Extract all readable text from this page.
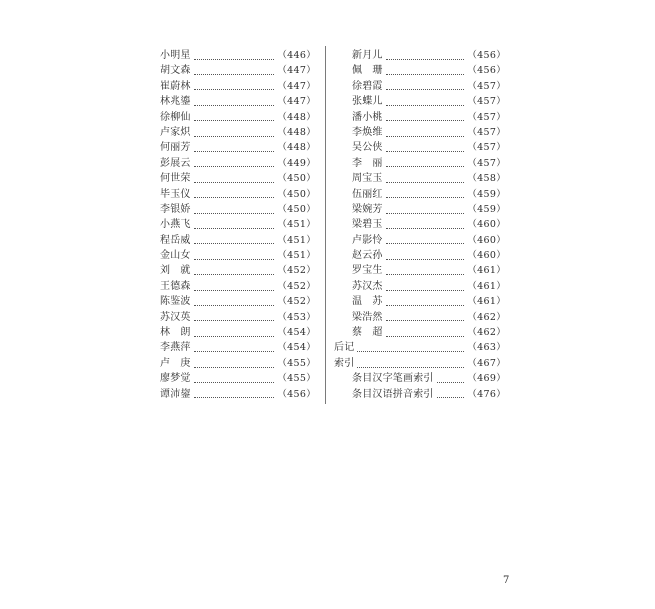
小明星	（446）
胡文森	（447）
崔蔚林	（447）
林兆鎏	（447）
徐柳仙	（448）
卢家炽	（448）
何丽芳	（448）
彭展云	（449）
何世荣	（450）
毕玉仪	（450）
李银娇	（450）
小燕飞	（451）
程岳威	（451）
金山女	（451）
刘　就	（452）
王德森	（452）
陈鉴波	（452）
苏汉英	（453）
林　朗	（454）
李燕萍	（454）
卢　庚	（455）
廖梦觉	（455）
谭沛鋆	（456）
新月儿	（456）
佩　珊	（456）
徐碧霞	（457）
张蝶儿	（457）
潘小桃	（457）
李焕维	（457）
吴公侠	（457）
李　丽	（457）
周宝玉	（458）
伍丽红	（459）
梁婉芳	（459）
梁碧玉	（460）
卢影怜	（460）
赵云孙	（460）
罗宝生	（461）
苏汉杰	（461）
温　苏	（461）
梁浩然	（462）
蔡　超	（462）
后记	（463）
索引	（467）
条目汉字笔画索引	（469）
条目汉语拼音索引	（476）
7
